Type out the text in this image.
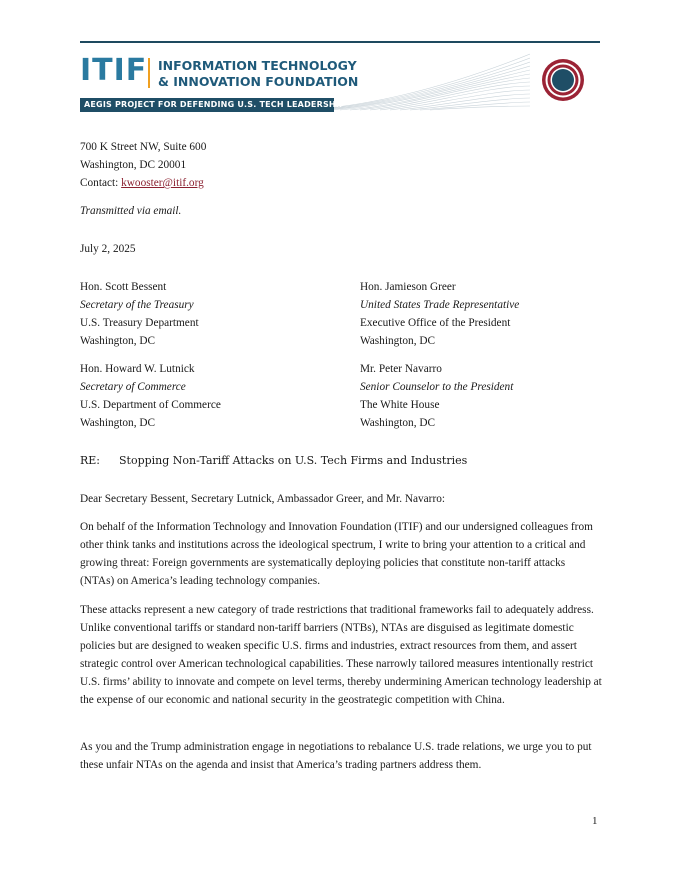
ITIF INFORMATION TECHNOLOGY
& INNOVATION FOUNDATION
AEGIS PROJECT FOR DEFENDING U.S. TECH LEADERSHIP
700 K Street NW, Suite 600
Washington, DC 20001
Contact: kwooster@itif.org
Transmitted via email.
July 2, 2025
Hon. Scott Bessent
Secretary of the Treasury
U.S. Treasury Department
Washington, DC
Hon. Jamieson Greer
United States Trade Representative
Executive Office of the President
Washington, DC
Hon. Howard W. Lutnick
Secretary of Commerce
U.S. Department of Commerce
Washington, DC
Mr. Peter Navarro
Senior Counselor to the President
The White House
Washington, DC
RE: Stopping Non-Tariff Attacks on U.S. Tech Firms and Industries
Dear Secretary Bessent, Secretary Lutnick, Ambassador Greer, and Mr. Navarro:
On behalf of the Information Technology and Innovation Foundation (ITIF) and our undersigned colleagues from other think tanks and institutions across the ideological spectrum, I write to bring your attention to a critical and growing threat: Foreign governments are systematically deploying policies that constitute non-tariff attacks (NTAs) on America’s leading technology companies.
These attacks represent a new category of trade restrictions that traditional frameworks fail to adequately address. Unlike conventional tariffs or standard non-tariff barriers (NTBs), NTAs are disguised as legitimate domestic policies but are designed to weaken specific U.S. firms and industries, extract resources from them, and assert strategic control over American technological capabilities. These narrowly tailored measures intentionally restrict U.S. firms’ ability to innovate and compete on level terms, thereby undermining American technology leadership at the expense of our economic and national security in the geostrategic competition with China.
As you and the Trump administration engage in negotiations to rebalance U.S. trade relations, we urge you to put these unfair NTAs on the agenda and insist that America’s trading partners address them.
1
